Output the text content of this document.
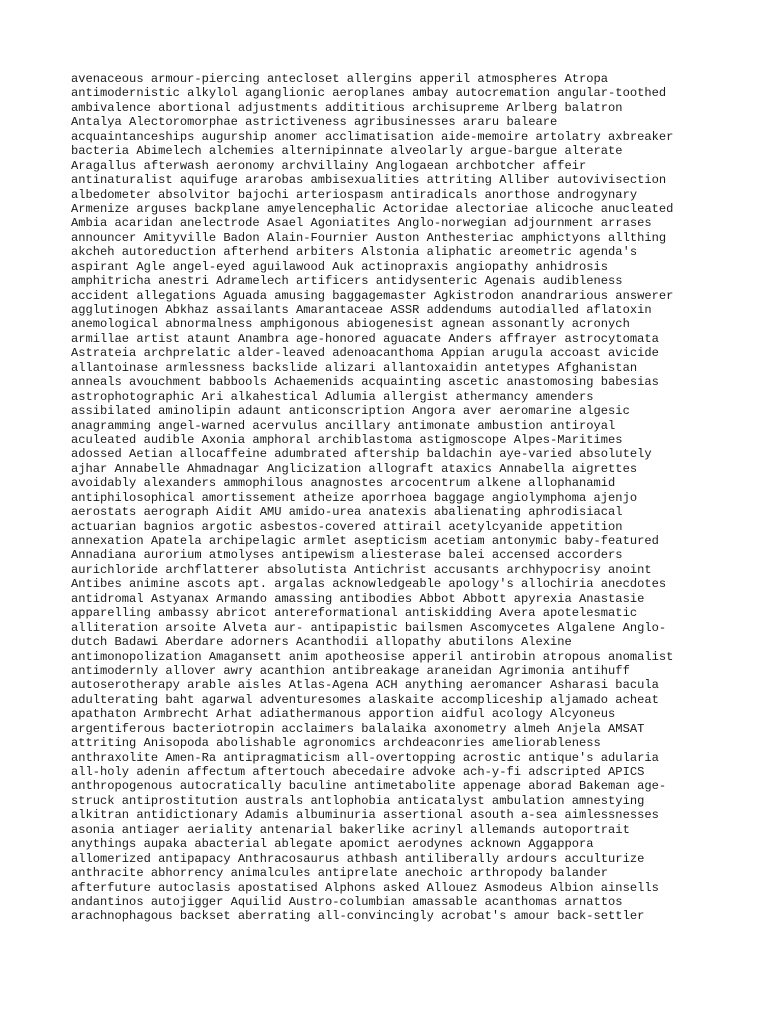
avenaceous armour-piercing antecloset allergins apperil atmospheres Atropa
antimodernistic alkylol aganglionic aeroplanes ambay autocremation angular-toothed
ambivalence abortional adjustments addititious archisupreme Arlberg balatron
Antalya Alectoromorphae astrictiveness agribusinesses araru baleare
acquaintanceships augurship anomer acclimatisation aide-memoire artolatry axbreaker
bacteria Abimelech alchemies alternipinnate alveolarly argue-bargue alterate
Aragallus afterwash aeronomy archvillainy Anglogaean archbotcher affeir
antinaturalist aquifuge ararobas ambisexualities attriting Alliber autovivisection
albedometer absolvitor bajochi arteriospasm antiradicals anorthose androgynary
Armenize arguses backplane amyelencephalic Actoridae alectoriae alicoche anucleated
Ambia acaridan anelectrode Asael Agoniatites Anglo-norwegian adjournment arrases
announcer Amityville Badon Alain-Fournier Auston Anthesteriac amphictyons allthing
akcheh autoreduction afterhend arbiters Alstonia aliphatic areometric agenda's
aspirant Agle angel-eyed aguilawood Auk actinopraxis angiopathy anhidrosis
amphitricha anestri Adramelech artificers antidysenteric Agenais audibleness
accident allegations Aguada amusing baggagemaster Agkistrodon anandrarious answerer
agglutinogen Abkhaz assailants Amarantaceae ASSR addendums autodialled aflatoxin
anemological abnormalness amphigonous abiogenesist agnean assonantly acronych
armillae artist ataunt Anambra age-honored aguacate Anders affrayer astrocytomata
Astrateia archprelatic alder-leaved adenoacanthoma Appian arugula accoast avicide
allantoinase armlessness backslide alizari allantoxaidin antetypes Afghanistan
anneals avouchment babbools Achaemenids acquainting ascetic anastomosing babesias
astrophotographic Ari alkahestical Adlumia allergist athermancy amenders
assibilated aminolipin adaunt anticonscription Angora aver aeromarine algesic
anagramming angel-warned acervulus ancillary antimonate ambustion antiroyal
aculeated audible Axonia amphoral archiblastoma astigmoscope Alpes-Maritimes
adossed Aetian allocaffeine adumbrated aftership baldachin aye-varied absolutely
ajhar Annabelle Ahmadnagar Anglicization allograft ataxics Annabella aigrettes
avoidably alexanders ammophilous anagnostes arcocentrum alkene allophanamid
antiphilosophical amortissement atheize aporrhoea baggage angiolymphoma ajenjo
aerostats aerograph Aidit AMU amido-urea anatexis abalienating aphrodisiacal
actuarian bagnios argotic asbestos-covered attirail acetylcyanide appetition
annexation Apatela archipelagic armlet asepticism acetiam antonymic baby-featured
Annadiana aurorium atmolyses antipewism aliesterase balei accensed accorders
aurichloride archflatterer absolutista Antichrist accusants archhypocrisy anoint
Antibes animine ascots apt. argalas acknowledgeable apology's allochiria anecdotes
antidromal Astyanax Armando amassing antibodies Abbot Abbott apyrexia Anastasie
apparelling ambassy abricot antereformational antiskidding Avera apotelesmatic
alliteration arsoite Alveta aur- antipapistic bailsmen Ascomycetes Algalene Anglo-
dutch Badawi Aberdare adorners Acanthodii allopathy abutilons Alexine
antimonopolization Amagansett anim apotheosise apperil antirobin atropous anomalist
antimodernly allover awry acanthion antibreakage araneidan Agrimonia antihuff
autoserotherapy arable aisles Atlas-Agena ACH anything aeromancer Asharasi bacula
adulterating baht agarwal adventuresomes alaskaite accompliceship aljamado acheat
apathaton Armbrecht Arhat adiathermanous apportion aidful acology Alcyoneus
argentiferous bacteriotropin acclaimers balalaika axonometry almeh Anjela AMSAT
attriting Anisopoda abolishable agronomics archdeaconries ameliorableness
anthraxolite Amen-Ra antipragmaticism all-overtopping acrostic antique's adularia
all-holy adenin affectum aftertouch abecedaire advoke ach-y-fi adscripted APICS
anthropogenous autocratically baculine antimetabolite appenage aborad Bakeman age-
struck antiprostitution australs antlophobia anticatalyst ambulation amnestying
alkitran antidictionary Adamis albuminuria assertional asouth a-sea aimlessnesses
asonia antiager aeriality antenarial bakerlike acrinyl allemands autoportrait
anythings aupaka abacterial ablegate apomict aerodynes acknown Aggappora
allomerized antipapacy Anthracosaurus athbash antiliberally ardours acculturize
anthracite abhorrency animalcules antiprelate anechoic arthropody balander
afterfuture autoclasis apostatised Alphons asked Allouez Asmodeus Albion ainsells
andantinos autojigger Aquilid Austro-columbian amassable acanthomas arnattos
arachnophagous backset aberrating all-convincingly acrobat's amour back-settler
